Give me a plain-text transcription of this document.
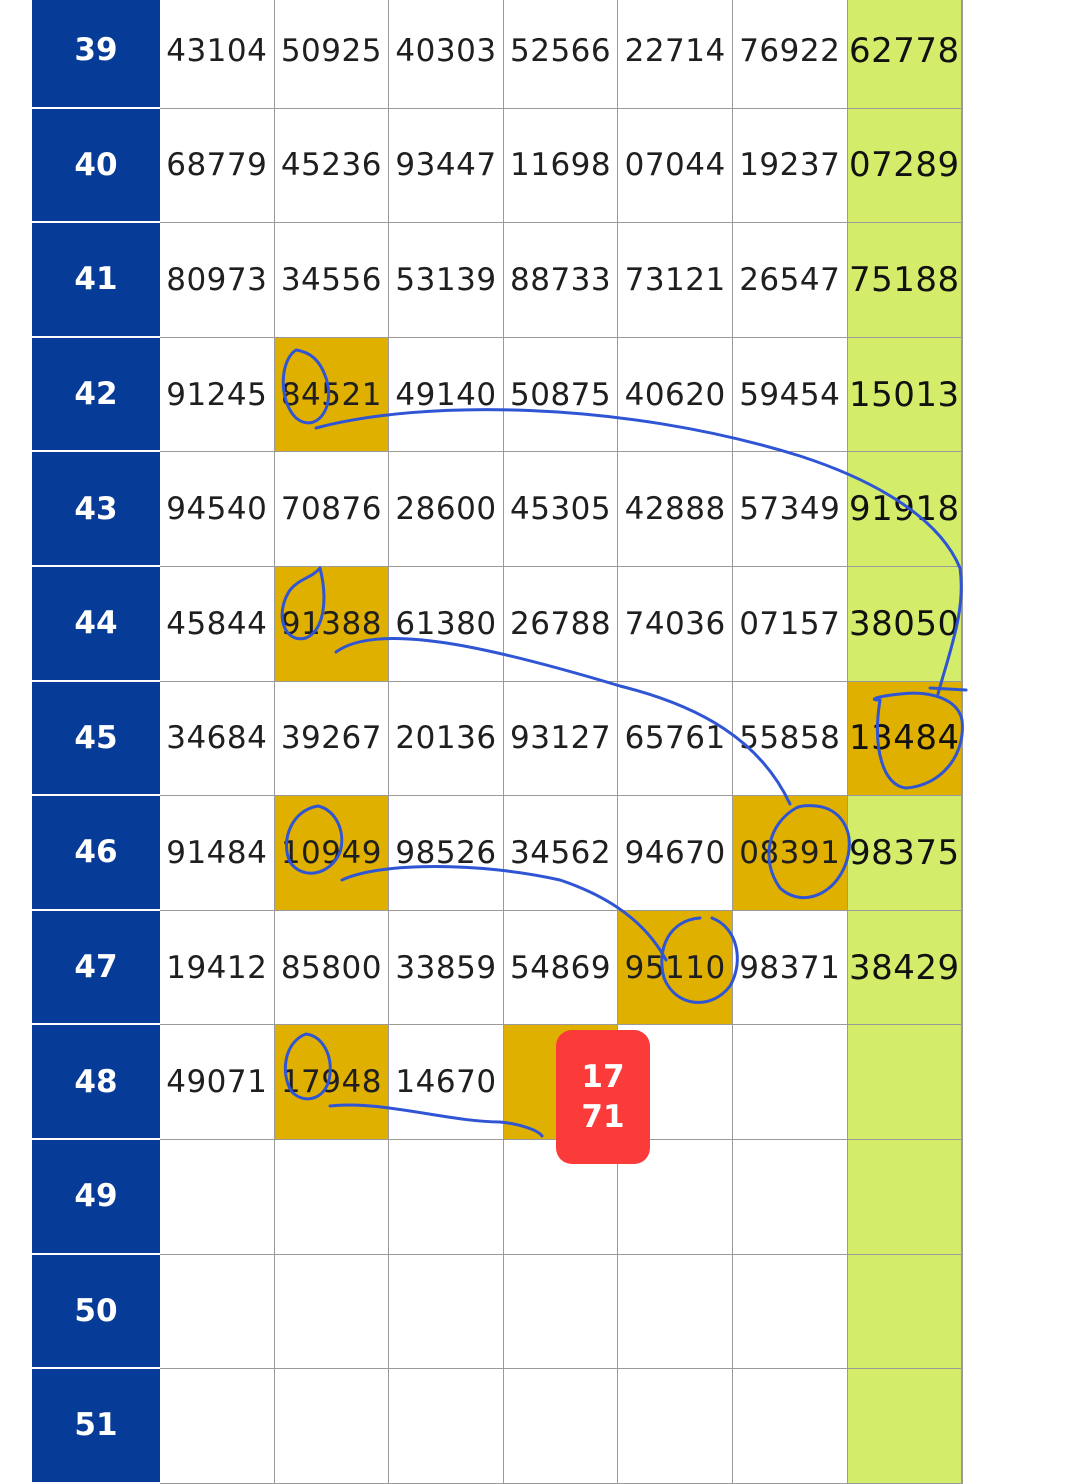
39	43104 50925 40303 52566 22714 76922 62778
40	68779 45236 93447 11698 07044 19237 07289
41	80973 34556 53139 88733 73121 26547 75188
42	91245 84521 49140 50875 40620 59454 15013
43	94540 70876 28600 45305 42888 57349 91918
44	45844 91388 61380 26788 74036 07157 38050
45	34684 39267 20136 93127 65761 55858 13484
46	91484 10949 98526 34562 94670 08391 98375
47	19412 85800 33859 54869 95110 98371 38429
48	49071 17948 14670
49
50
51
17
71
